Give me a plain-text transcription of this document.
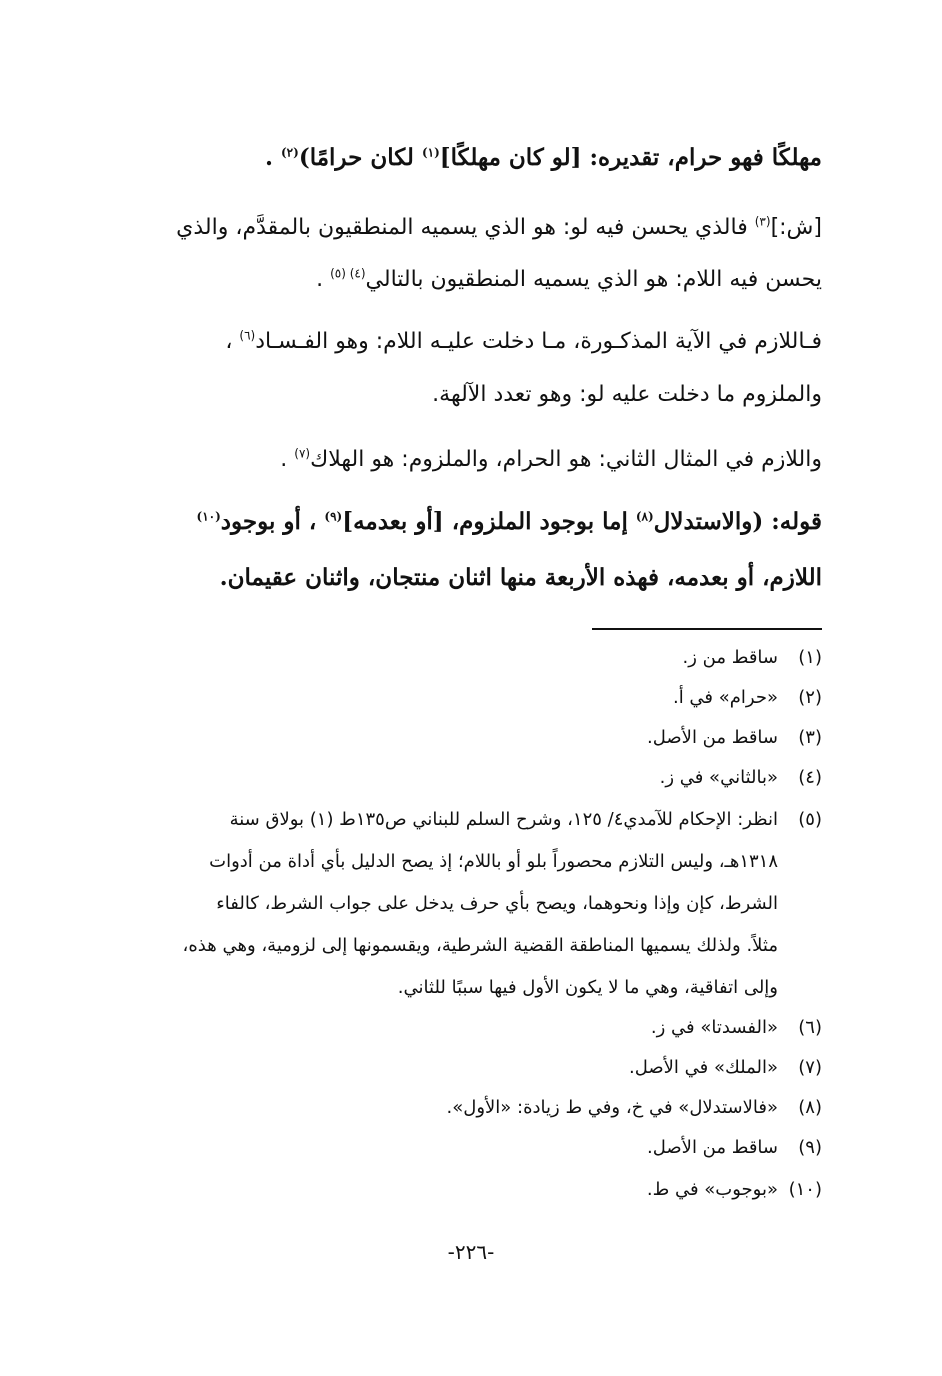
مهلكًا فهو حرام، تقديره: [لو كان مهلكًا]$^{(١)}$ لكان حرامًا)$^{(٢)}$ .
[ش:]$^{(٣)}$ فالذي يحسن فيه لو: هو الذي يسميه المنطقيون بالمقدَّم، والذي
يحسن فيه اللام: هو الذي يسميه المنطقيون بالتالي$^{(٤) (٥)}$ .
فـاللازم في الآية المذكـورة، مـا دخلت عليـه اللام: وهو الفـسـاد$^{(٦)}$ ،
والملزوم ما دخلت عليه لو: وهو تعدد الآلهة.
واللازم في المثال الثاني: هو الحرام، والملزوم: هو الهلاك$^{(٧)}$ .
قوله: (والاستدلال$^{(٨)}$ إما بوجود الملزوم، [أو بعدمه]$^{(٩)}$ ، أو بوجود$^{(١٠)}$
اللازم، أو بعدمه، فهذه الأربعة منها اثنان منتجان، واثنان عقيمان.
(١)ساقط من ز.
(٢)«حرام» في أ.
(٣)ساقط من الأصل.
(٤)«بالثاني» في ز.
(٥)انظر: الإحكام للآمدي٤/ ١٢٥، وشرح السلم للبناني ص١٣٥ط (١) بولاق سنة
١٣١٨هـ، وليس التلازم محصوراً بلو أو باللام؛ إذ يصح الدليل بأي أداة من أدوات
الشرط، كإن وإذا ونحوهما، ويصح بأي حرف يدخل على جواب الشرط، كالفاء
مثلاً. ولذلك يسميها المناطقة القضية الشرطية، ويقسمونها إلى لزومية، وهي هذه،
وإلى اتفاقية، وهي ما لا يكون الأول فيها سببًا للثاني.
(٦)«الفسدتا» في ز.
(٧)«الملك» في الأصل.
(٨)«فالاستدلال» في خ، وفي ط زيادة: «الأول».
(٩)ساقط من الأصل.
(١٠)«بوجوب» في ط.
-٢٢٦-
